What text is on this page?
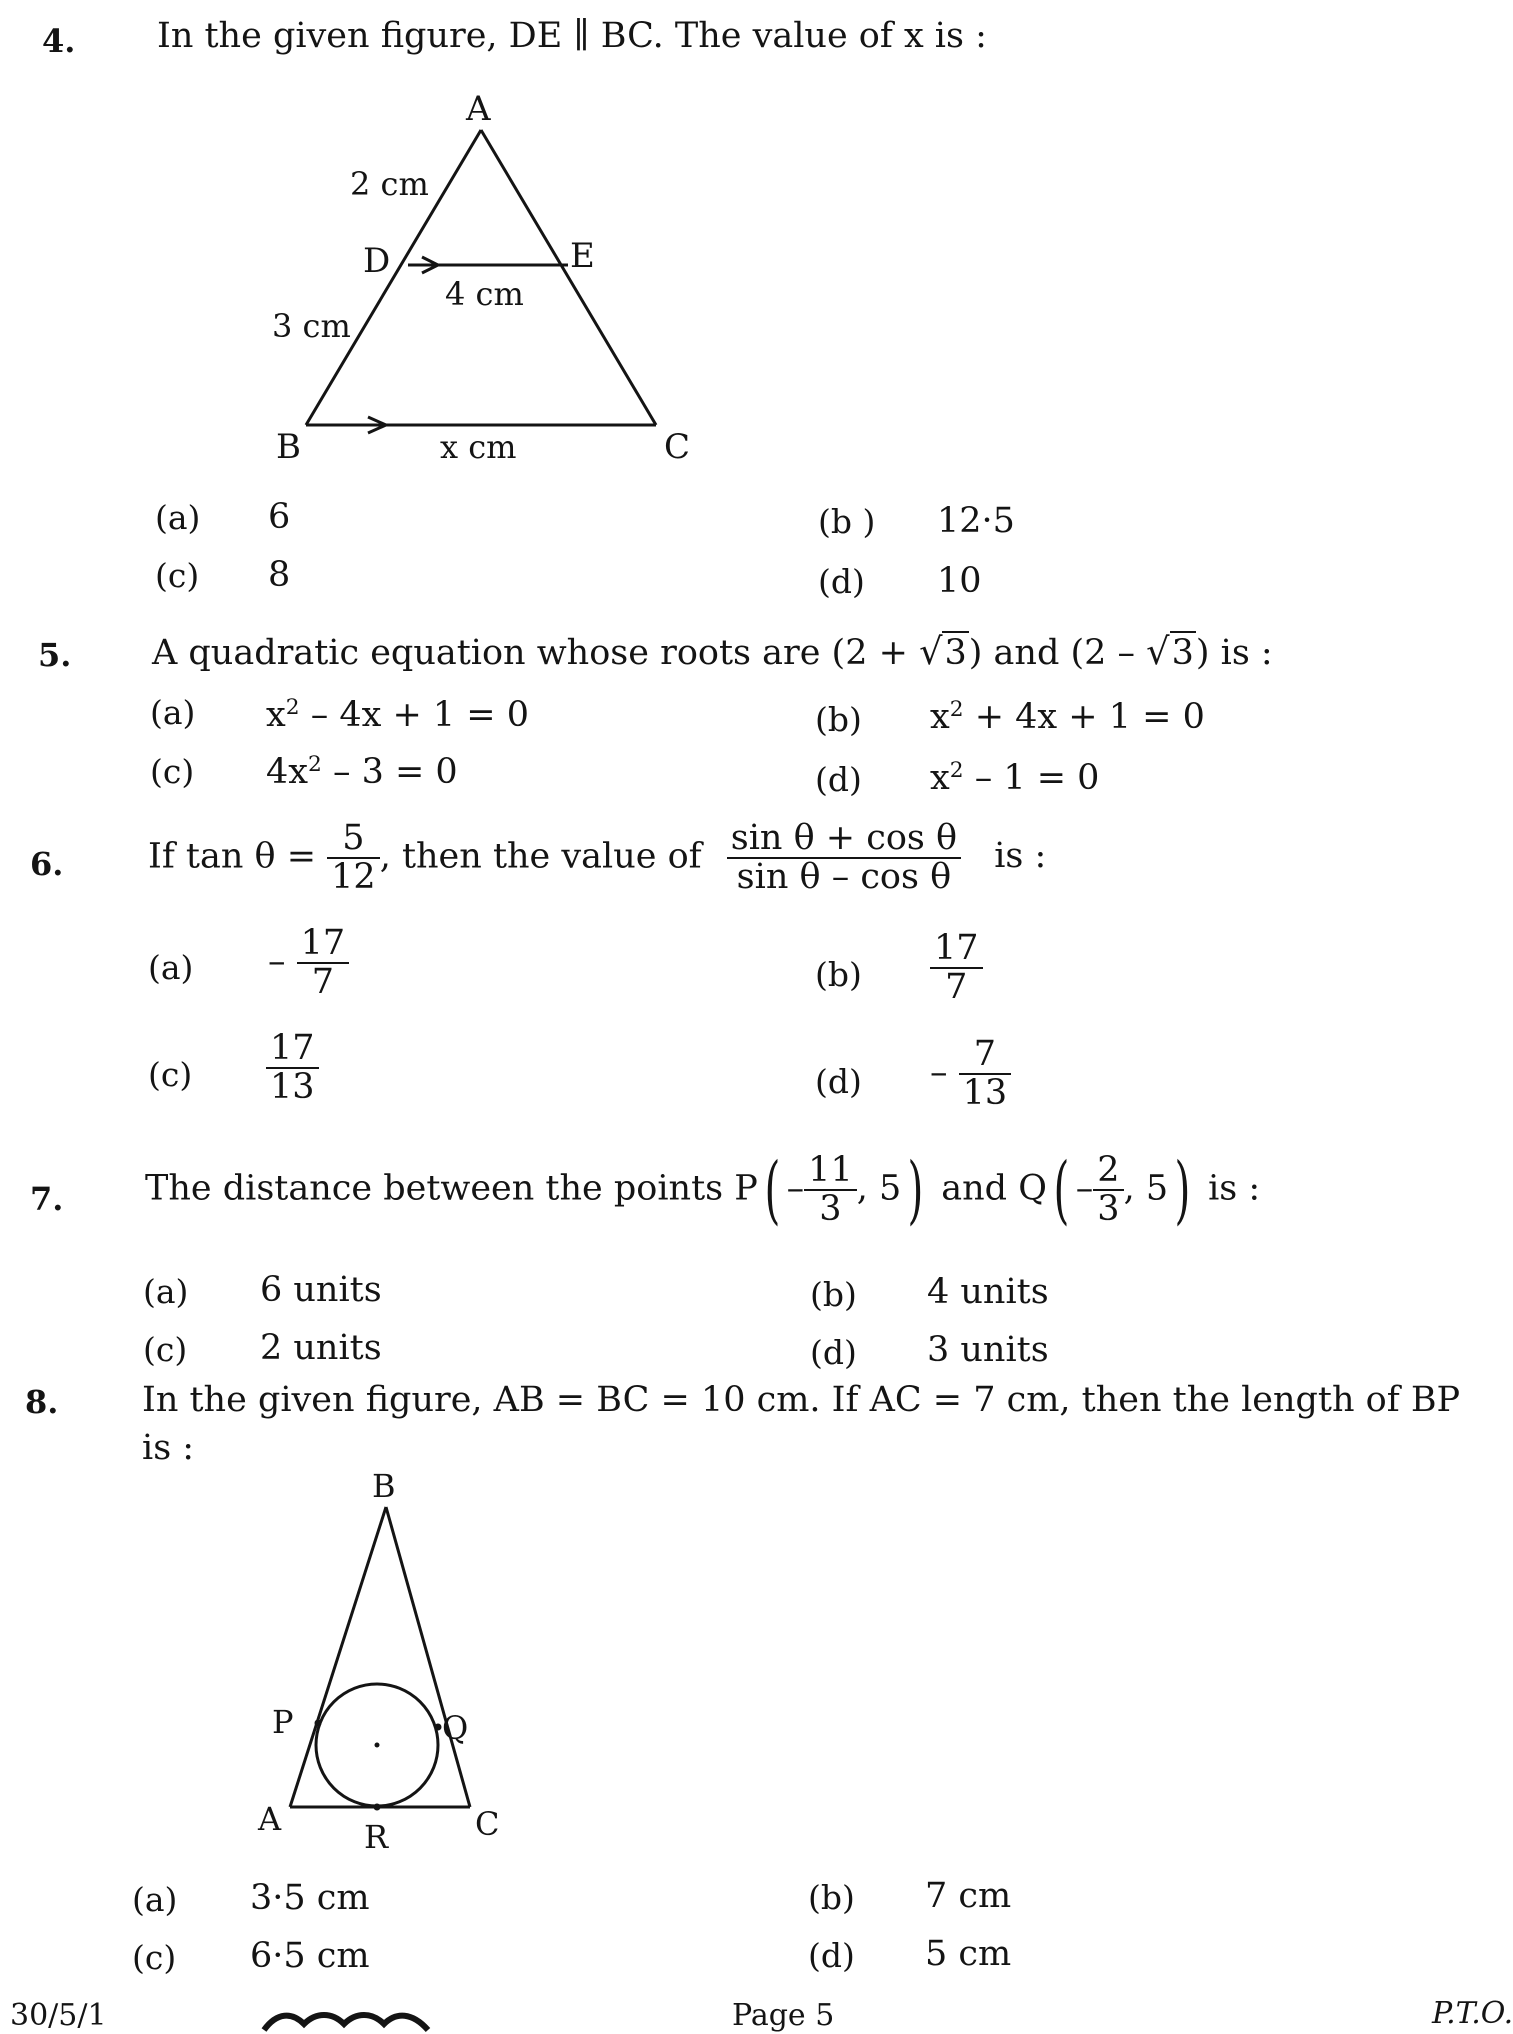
4. In the given figure, DE ∥ BC. The value of x is :
A
2 cm
D	E
4 cm
3 cm
B	x cm	C
(a) 6	(b ) 12·5
(c) 8	(d) 10
5. A quadratic equation whose roots are (2 + √3) and (2 – √3) is :
(a) $x^2 - 4x + 1 = 0$	(b) $x^2 + 4x + 1 = 0$
(c) $4x^2 - 3 = 0$	(d) $x^2 - 1 = 0$
6. If $\tan \theta = \frac{5}{12}$ , then the value of $\frac{\text{sin θ + cos θ}}{\text{sin θ – cos θ}}$ is :
$(a) - \frac{17}{7}$	$(b) \frac{17}{7}$
$(c) \frac{17}{13}$	$(d) - \frac{7}{13}$
7. The distance between the points $P( - \frac{11}{3}$ , 5) and $Q( - \frac{2}{3}$ , 5) is :
(a) 6 units	(b) 4 units
(c) 2 units	(d) 3 units
8. In the given figure, AB = BC = 10 cm. If AC = 7 cm, then the length of BP
is :
B
P	Q
A	R	C
(a) 3·5 cm	(b) 7 cm
(c) 6·5 cm	(d) 5 cm
30/5/1	Page 5	P.T.O.
